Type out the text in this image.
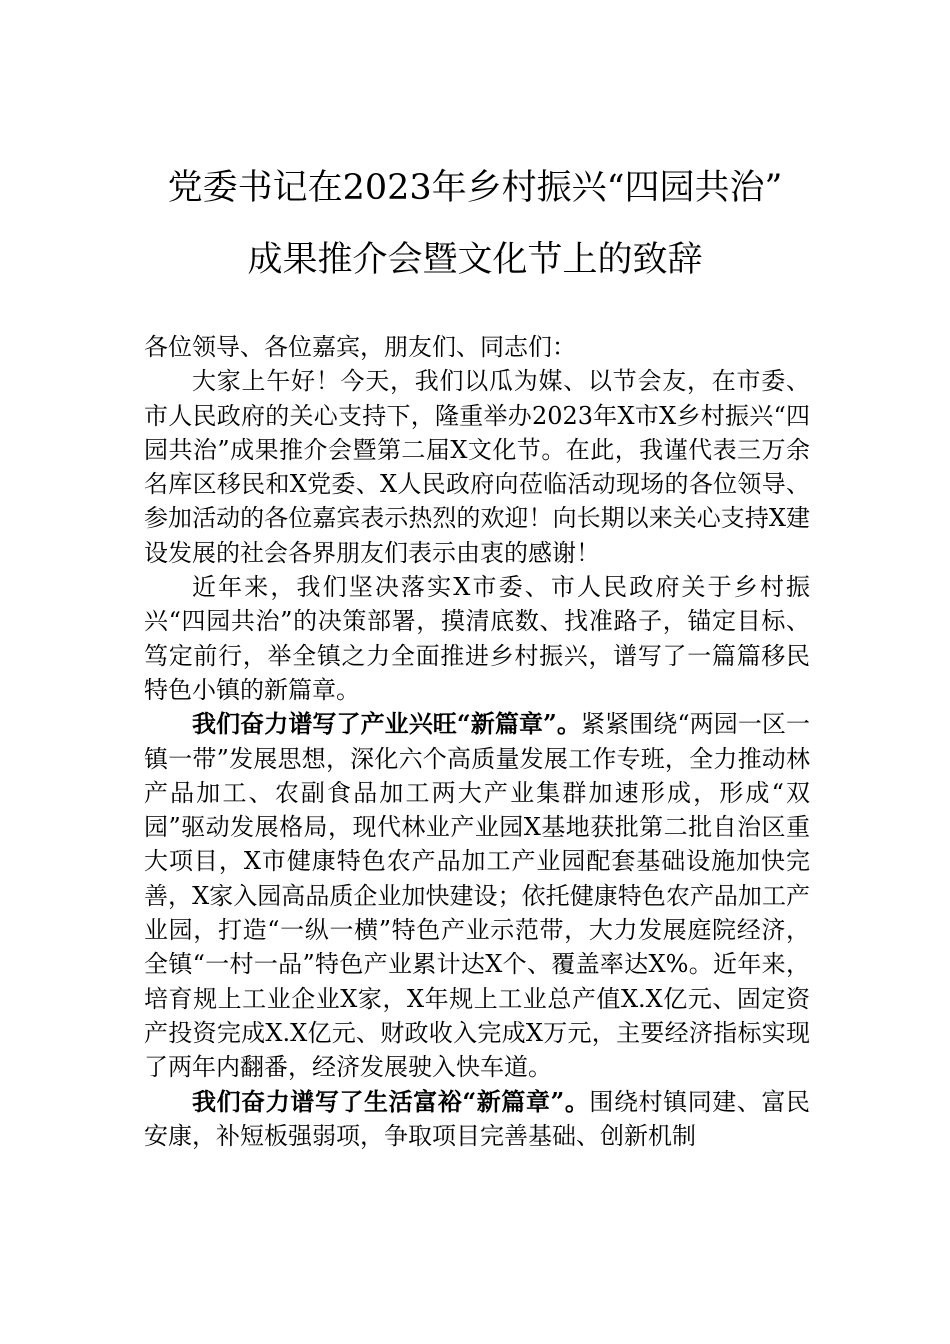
党委书记在2023年乡村振兴“四园共治”
成果推介会暨文化节上的致辞

各位领导、各位嘉宾，朋友们、同志们：

大家上午好！今天，我们以瓜为媒、以节会友，在市委、市人民政府的关心支持下，隆重举办2023年X市X乡村振兴“四园共治”成果推介会暨第二届X文化节。在此，我谨代表三万余名库区移民和X党委、X人民政府向莅临活动现场的各位领导、参加活动的各位嘉宾表示热烈的欢迎！向长期以来关心支持X建设发展的社会各界朋友们表示由衷的感谢！

近年来，我们坚决落实X市委、市人民政府关于乡村振兴“四园共治”的决策部署，摸清底数、找准路子，锚定目标、笃定前行，举全镇之力全面推进乡村振兴，谱写了一篇篇移民特色小镇的新篇章。

我们奋力谱写了产业兴旺“新篇章”。紧紧围绕“两园一区一镇一带”发展思想，深化六个高质量发展工作专班，全力推动林产品加工、农副食品加工两大产业集群加速形成，形成“双园”驱动发展格局，现代林业产业园X基地获批第二批自治区重大项目，X市健康特色农产品加工产业园配套基础设施加快完善，X家入园高品质企业加快建设；依托健康特色农产品加工产业园，打造“一纵一横”特色产业示范带，大力发展庭院经济，全镇“一村一品”特色产业累计达X个、覆盖率达X%。近年来，培育规上工业企业X家，X年规上工业总产值X.X亿元、固定资产投资完成X.X亿元、财政收入完成X万元，主要经济指标实现了两年内翻番，经济发展驶入快车道。

我们奋力谱写了生活富裕“新篇章”。围绕村镇同建、富民安康，补短板强弱项，争取项目完善基础、创新机制
